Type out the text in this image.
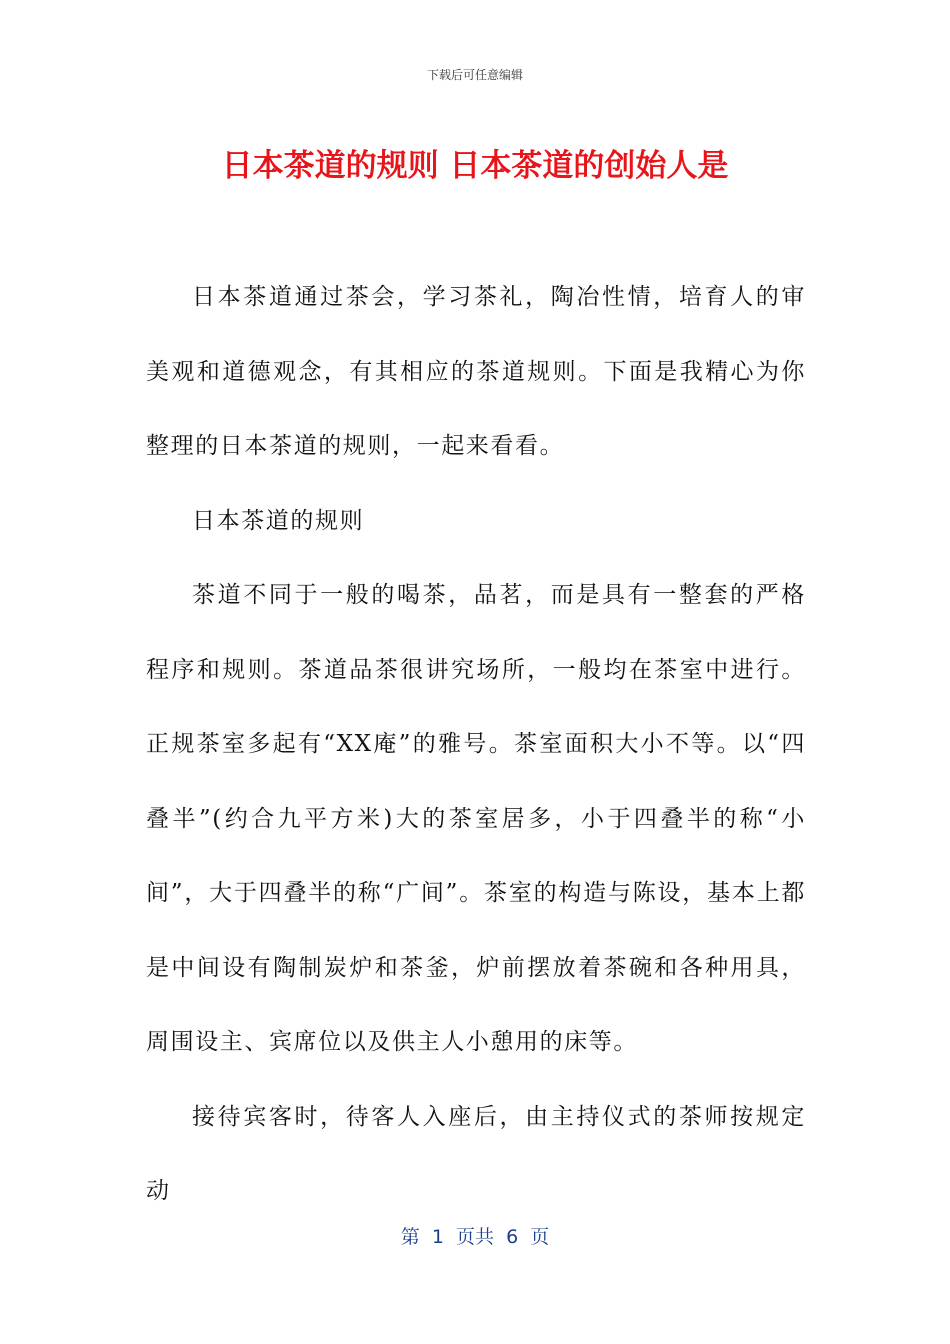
下载后可任意编辑
日本茶道的规则 日本茶道的创始人是

日本茶道通过茶会，学习茶礼，陶冶性情，培育人的审美观和道德观念，有其相应的茶道规则。下面是我精心为你整理的日本茶道的规则，一起来看看。

日本茶道的规则

茶道不同于一般的喝茶，品茗，而是具有一整套的严格程序和规则。茶道品茶很讲究场所，一般均在茶室中进行。正规茶室多起有“XX庵”的雅号。茶室面积大小不等。以“四叠半”(约合九平方米)大的茶室居多，小于四叠半的称“小间”，大于四叠半的称“广间”。茶室的构造与陈设，基本上都是中间设有陶制炭炉和茶釜，炉前摆放着茶碗和各种用具，周围设主、宾席位以及供主人小憩用的床等。

接待宾客时，待客人入座后，由主持仪式的茶师按规定动

第  1  页共  6  页
